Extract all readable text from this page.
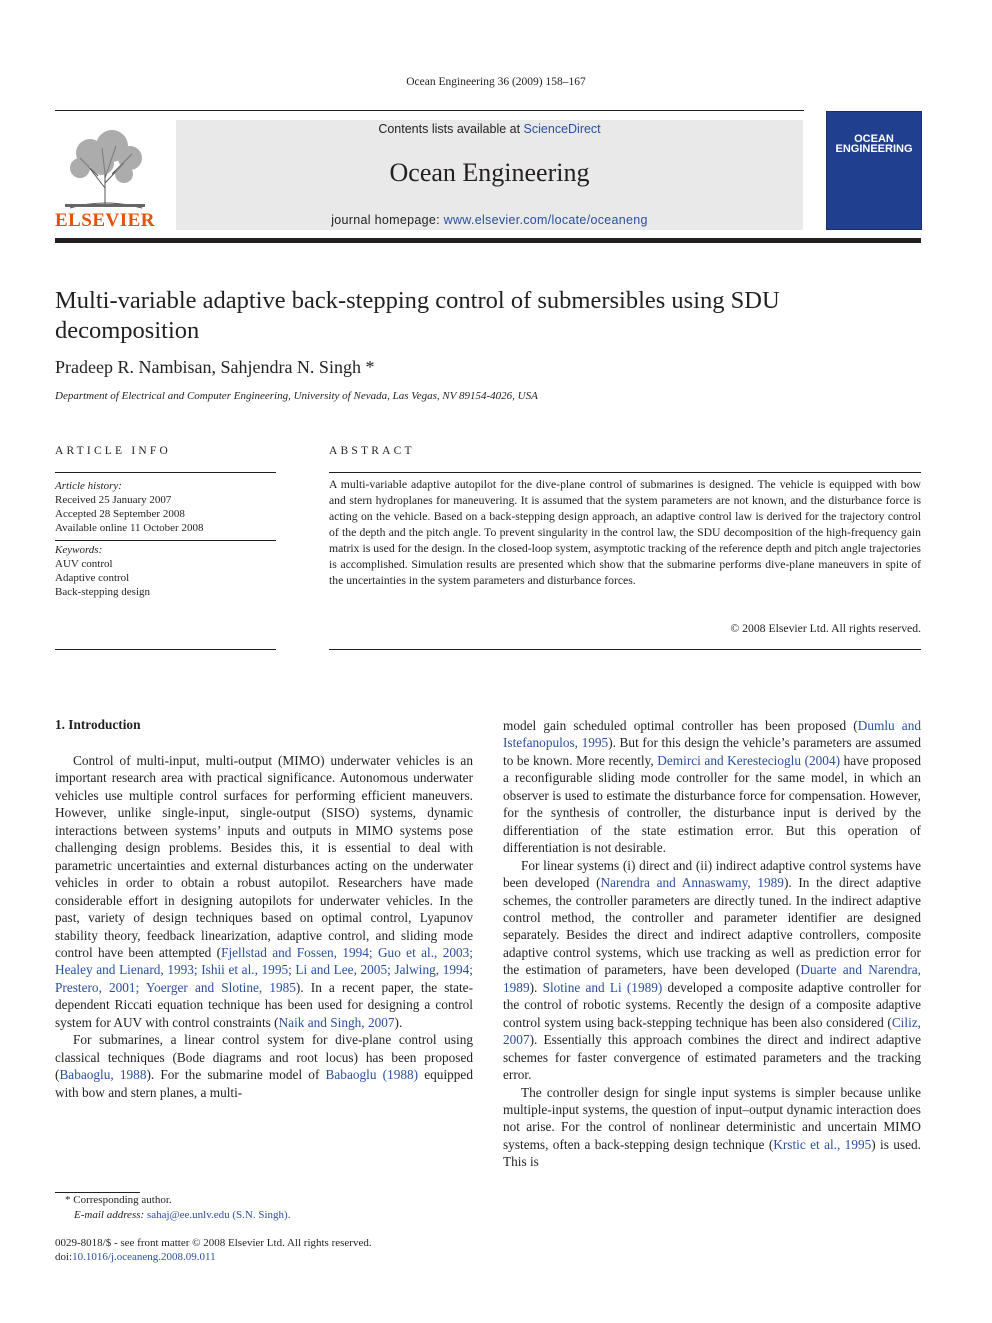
Ocean Engineering 36 (2009) 158–167
ELSEVIER
Contents lists available at ScienceDirect
Ocean Engineering
journal homepage: www.elsevier.com/locate/oceaneng
OCEAN ENGINEERING
Multi-variable adaptive back-stepping control of submersibles using SDU decomposition
Pradeep R. Nambisan, Sahjendra N. Singh *
Department of Electrical and Computer Engineering, University of Nevada, Las Vegas, NV 89154-4026, USA
ARTICLE INFO
Article history:
Received 25 January 2007
Accepted 28 September 2008
Available online 11 October 2008
Keywords:
AUV control
Adaptive control
Back-stepping design
ABSTRACT
A multi-variable adaptive autopilot for the dive-plane control of submarines is designed. The vehicle is equipped with bow and stern hydroplanes for maneuvering. It is assumed that the system parameters are not known, and the disturbance force is acting on the vehicle. Based on a back-stepping design approach, an adaptive control law is derived for the trajectory control of the depth and the pitch angle. To prevent singularity in the control law, the SDU decomposition of the high-frequency gain matrix is used for the design. In the closed-loop system, asymptotic tracking of the reference depth and pitch angle trajectories is accomplished. Simulation results are presented which show that the submarine performs dive-plane maneuvers in spite of the uncertainties in the system parameters and disturbance forces.
© 2008 Elsevier Ltd. All rights reserved.
1. Introduction

Control of multi-input, multi-output (MIMO) underwater vehicles is an important research area with practical significance. Autonomous underwater vehicles use multiple control surfaces for performing efficient maneuvers. However, unlike single-input, single-output (SISO) systems, dynamic interactions between systems’ inputs and outputs in MIMO systems pose challenging design problems. Besides this, it is essential to deal with parametric uncertainties and external disturbances acting on the underwater vehicles in order to obtain a robust autopilot. Researchers have made considerable effort in designing autopilots for underwater vehicles. In the past, variety of design techniques based on optimal control, Lyapunov stability theory, feedback linearization, adaptive control, and sliding mode control have been attempted (Fjellstad and Fossen, 1994; Guo et al., 2003; Healey and Lienard, 1993; Ishii et al., 1995; Li and Lee, 2005; Jalwing, 1994; Prestero, 2001; Yoerger and Slotine, 1985). In a recent paper, the state-dependent Riccati equation technique has been used for designing a control system for AUV with control constraints (Naik and Singh, 2007).

For submarines, a linear control system for dive-plane control using classical techniques (Bode diagrams and root locus) has been proposed (Babaoglu, 1988). For the submarine model of Babaoglu (1988) equipped with bow and stern planes, a multi-

model gain scheduled optimal controller has been proposed (Dumlu and Istefanopulos, 1995). But for this design the vehicle’s parameters are assumed to be known. More recently, Demirci and Kerestecioglu (2004) have proposed a reconfigurable sliding mode controller for the same model, in which an observer is used to estimate the disturbance force for compensation. However, for the synthesis of controller, the disturbance input is derived by the differentiation of the state estimation error. But this operation of differentiation is not desirable.

For linear systems (i) direct and (ii) indirect adaptive control systems have been developed (Narendra and Annaswamy, 1989). In the direct adaptive schemes, the controller parameters are directly tuned. In the indirect adaptive control method, the controller and parameter identifier are designed separately. Besides the direct and indirect adaptive controllers, composite adaptive control systems, which use tracking as well as prediction error for the estimation of parameters, have been developed (Duarte and Narendra, 1989). Slotine and Li (1989) developed a composite adaptive controller for the control of robotic systems. Recently the design of a composite adaptive control system using back-stepping technique has been also considered (Ciliz, 2007). Essentially this approach combines the direct and indirect adaptive schemes for faster convergence of estimated parameters and the tracking error.

The controller design for single input systems is simpler because unlike multiple-input systems, the question of input–output dynamic interaction does not arise. For the control of nonlinear deterministic and uncertain MIMO systems, often a back-stepping design technique (Krstic et al., 1995) is used. This is

* Corresponding author.
E-mail address: sahaj@ee.unlv.edu (S.N. Singh).
0029-8018/$ - see front matter © 2008 Elsevier Ltd. All rights reserved.
doi:10.1016/j.oceaneng.2008.09.011
